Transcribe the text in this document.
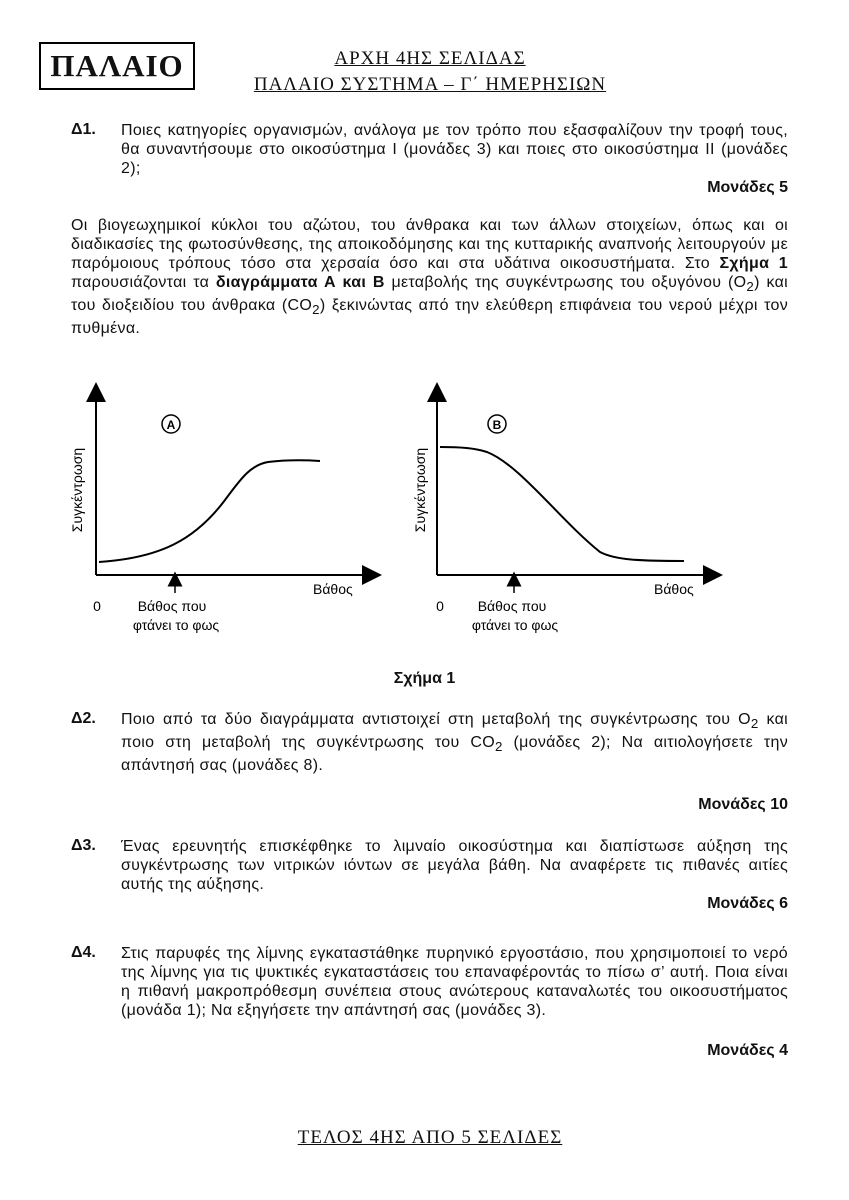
ΠΑΛΑΙΟ	ΑΡΧΗ 4ΗΣ ΣΕΛΙΔΑΣ
ΠΑΛΑΙΟ ΣΥΣΤΗΜΑ – Γ΄ ΗΜΕΡΗΣΙΩΝ
Δ1. Ποιες κατηγορίες οργανισμών, ανάλογα με τον τρόπο που εξασφαλίζουν την τροφή τους, θα συναντήσουμε στο οικοσύστημα I (μονάδες 3) και ποιες στο οικοσύστημα II (μονάδες 2);
Μονάδες 5
Οι βιογεωχημικοί κύκλοι του αζώτου, του άνθρακα και των άλλων στοιχείων, όπως και οι διαδικασίες της φωτοσύνθεσης, της αποικοδόμησης και της κυτταρικής αναπνοής λειτουργούν με παρόμοιους τρόπους τόσο στα χερσαία όσο και στα υδάτινα οικοσυστήματα. Στο Σχήμα 1 παρουσιάζονται τα διαγράμματα Α και Β μεταβολής της συγκέντρωσης του οξυγόνου $(O_2)$ και του διοξειδίου του άνθρακα $(CO_2)$ ξεκινώντας από την ελεύθερη επιφάνεια του νερού μέχρι τον πυθμένα.
A
Συγκέντρωση
Βάθος
0	Βάθος που
φτάνει το φως
B
Συγκέντρωση
Βάθος
0 Βάθος που
φτάνει το φως
Σχήμα 1
Δ2. Ποιο από τα δύο διαγράμματα αντιστοιχεί στη μεταβολή της συγκέντρωσης του $O_2$ και ποιο στη μεταβολή της συγκέντρωσης του $CO_2$ (μονάδες 2); Να αιτιολογήσετε την απάντησή σας (μονάδες 8).
Μονάδες 10
Δ3. Ένας ερευνητής επισκέφθηκε το λιμναίο οικοσύστημα και διαπίστωσε αύξηση της συγκέντρωσης των νιτρικών ιόντων σε μεγάλα βάθη. Να αναφέρετε τις πιθανές αιτίες αυτής της αύξησης.
Μονάδες 6
Δ4. Στις παρυφές της λίμνης εγκαταστάθηκε πυρηνικό εργοστάσιο, που χρησιμοποιεί το νερό της λίμνης για τις ψυκτικές εγκαταστάσεις του επαναφέροντάς το πίσω σ’ αυτή. Ποια είναι η πιθανή μακροπρόθεσμη συνέπεια στους ανώτερους καταναλωτές του οικοσυστήματος (μονάδα 1); Να εξηγήσετε την απάντησή σας (μονάδες 3).
Μονάδες 4
ΤΕΛΟΣ 4ΗΣ ΑΠΟ 5 ΣΕΛΙΔΕΣ
